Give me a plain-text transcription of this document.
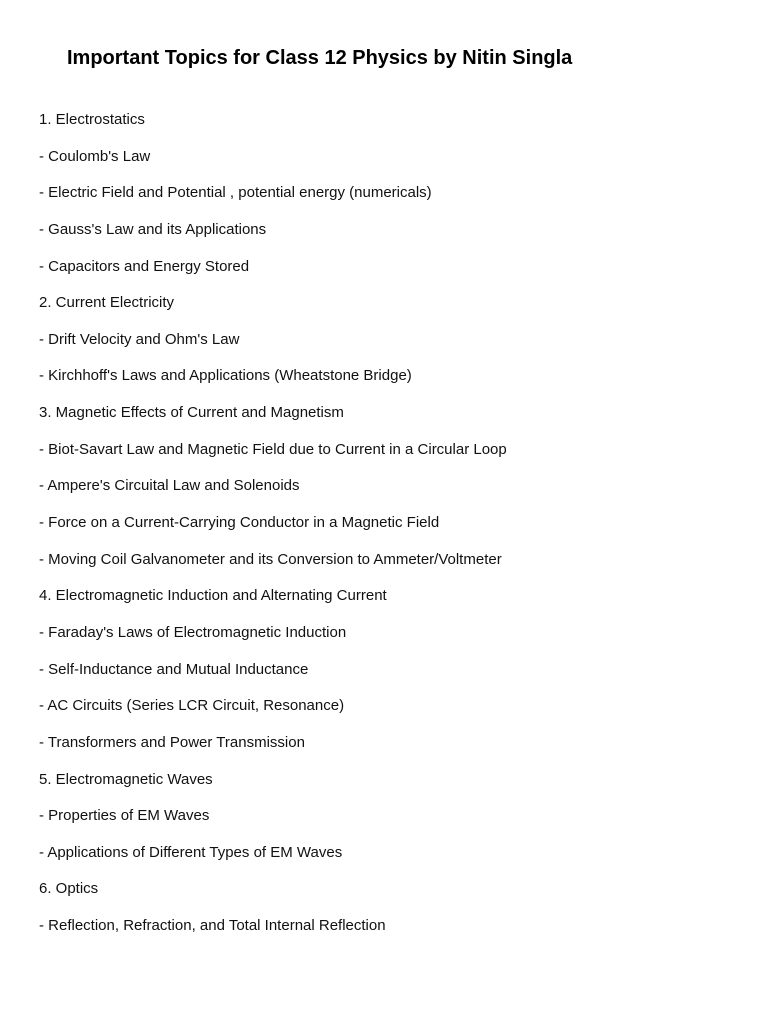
Important Topics for Class 12 Physics by Nitin Singla
1. Electrostatics
- Coulomb's Law
- Electric Field and Potential , potential energy (numericals)
- Gauss's Law and its Applications
- Capacitors and Energy Stored
2. Current Electricity
- Drift Velocity and Ohm's Law
- Kirchhoff's Laws and Applications (Wheatstone Bridge)
3. Magnetic Effects of Current and Magnetism
- Biot-Savart Law and Magnetic Field due to Current in a Circular Loop
- Ampere's Circuital Law and Solenoids
- Force on a Current-Carrying Conductor in a Magnetic Field
- Moving Coil Galvanometer and its Conversion to Ammeter/Voltmeter
4. Electromagnetic Induction and Alternating Current
- Faraday's Laws of Electromagnetic Induction
- Self-Inductance and Mutual Inductance
- AC Circuits (Series LCR Circuit, Resonance)
- Transformers and Power Transmission
5. Electromagnetic Waves
- Properties of EM Waves
- Applications of Different Types of EM Waves
6. Optics
- Reflection, Refraction, and Total Internal Reflection
